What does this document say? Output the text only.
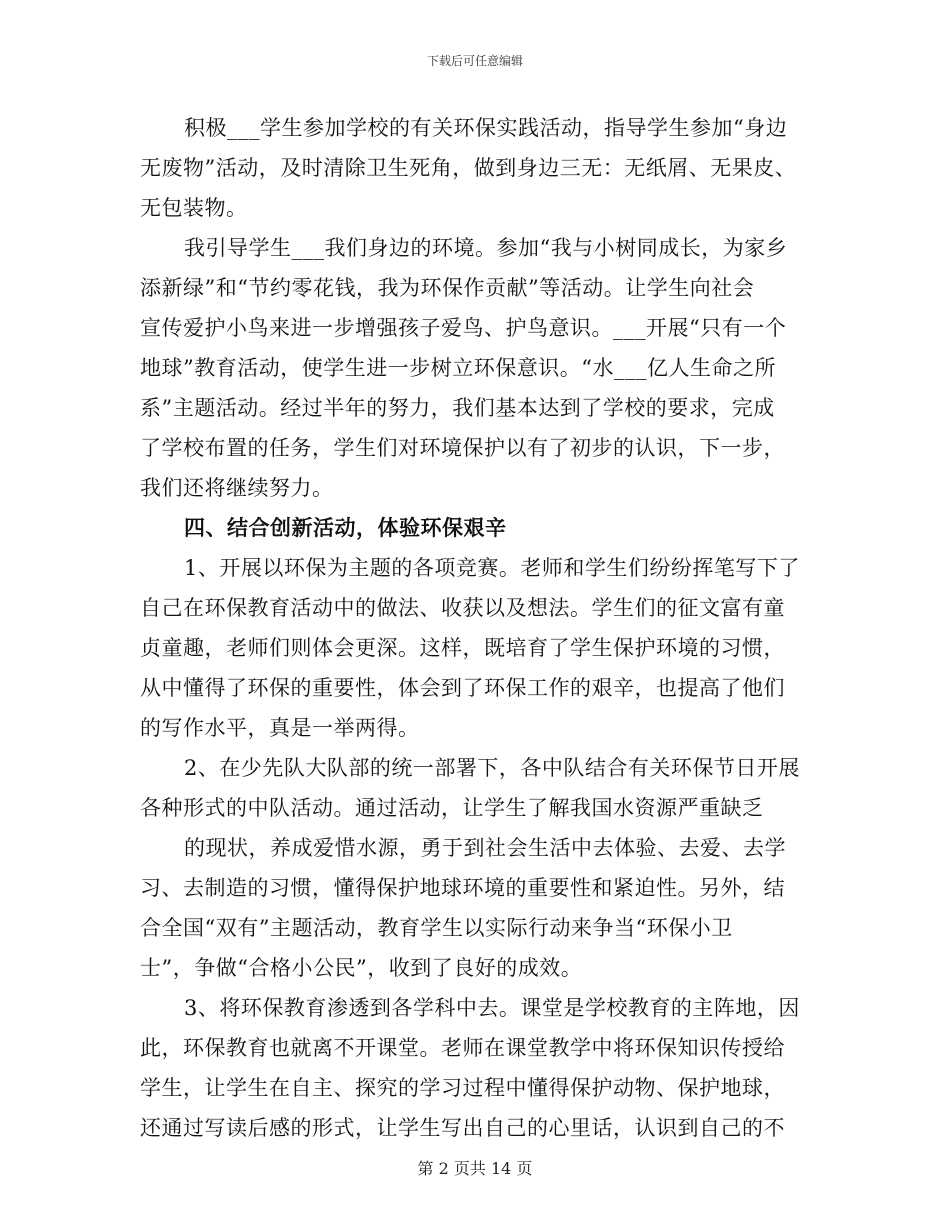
下载后可任意编辑
积极___学生参加学校的有关环保实践活动，指导学生参加“身边
无废物”活动，及时清除卫生死角，做到身边三无：无纸屑、无果皮、
无包装物。
我引导学生___我们身边的环境。参加“我与小树同成长，为家乡
添新绿”和“节约零花钱，我为环保作贡献”等活动。让学生向社会
宣传爱护小鸟来进一步增强孩子爱鸟、护鸟意识。___开展“只有一个
地球”教育活动，使学生进一步树立环保意识。“水___亿人生命之所
系”主题活动。经过半年的努力，我们基本达到了学校的要求，完成
了学校布置的任务，学生们对环境保护以有了初步的认识，下一步，
我们还将继续努力。
四、结合创新活动，体验环保艰辛
1、开展以环保为主题的各项竞赛。老师和学生们纷纷挥笔写下了
自己在环保教育活动中的做法、收获以及想法。学生们的征文富有童
贞童趣，老师们则体会更深。这样，既培育了学生保护环境的习惯，
从中懂得了环保的重要性，体会到了环保工作的艰辛，也提高了他们
的写作水平，真是一举两得。
2、在少先队大队部的统一部署下，各中队结合有关环保节日开展
各种形式的中队活动。通过活动，让学生了解我国水资源严重缺乏
的现状，养成爱惜水源，勇于到社会生活中去体验、去爱、去学
习、去制造的习惯，懂得保护地球环境的重要性和紧迫性。另外，结
合全国“双有”主题活动，教育学生以实际行动来争当“环保小卫
士”，争做“合格小公民”，收到了良好的成效。
3、将环保教育渗透到各学科中去。课堂是学校教育的主阵地，因
此，环保教育也就离不开课堂。老师在课堂教学中将环保知识传授给
学生，让学生在自主、探究的学习过程中懂得保护动物、保护地球，
还通过写读后感的形式，让学生写出自己的心里话，认识到自己的不
第 2 页共 14 页
